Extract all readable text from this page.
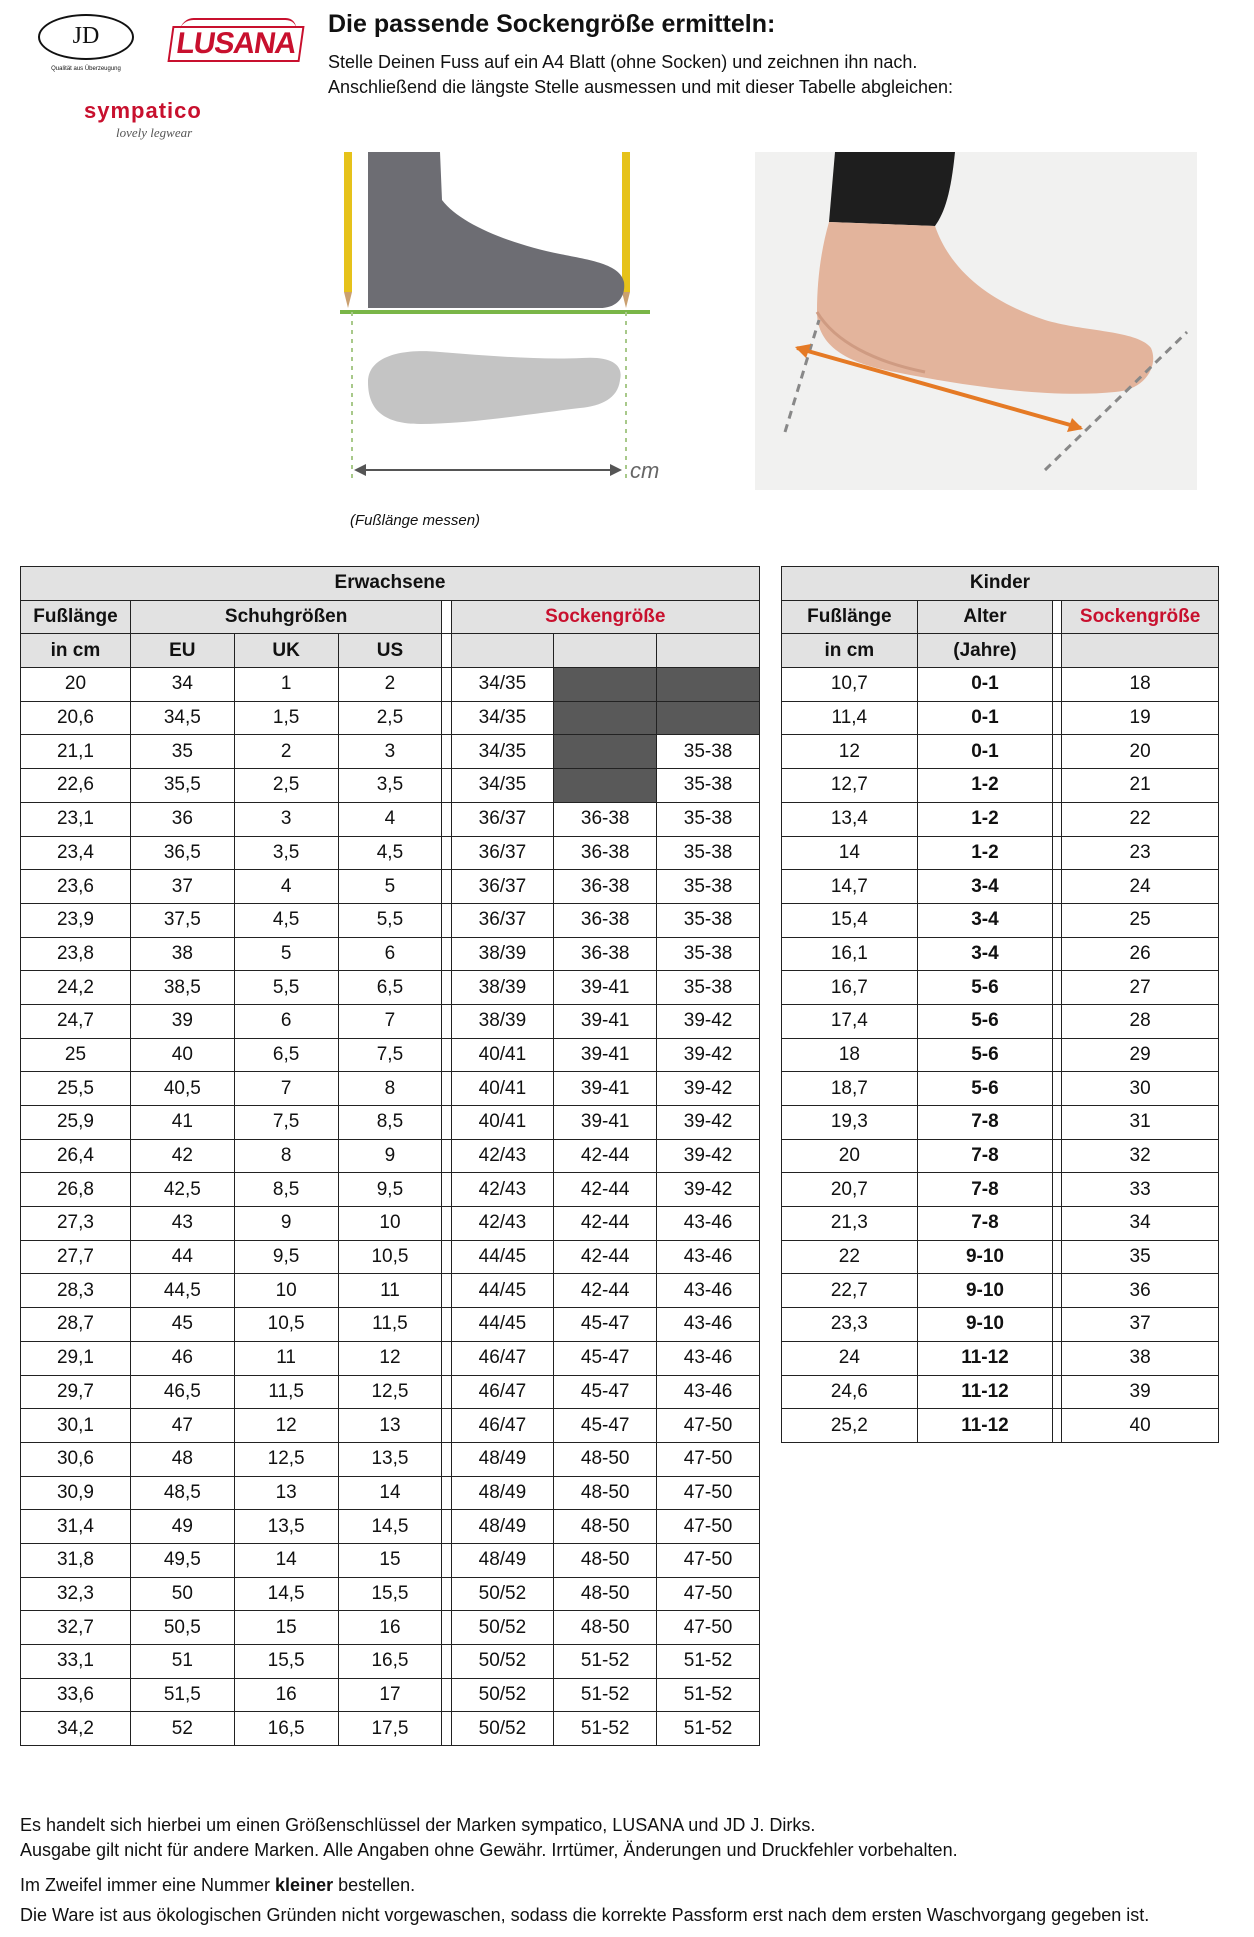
JD
Qualität aus Überzeugung
LUSANA
sympatico
lovely legwear
Die passende Sockengröße ermitteln:
Stelle Deinen Fuss auf ein A4 Blatt (ohne Socken) und zeichnen ihn nach.
Anschließend die längste Stelle ausmessen und mit dieser Tabelle abgleichen:
cm
(Fußlänge messen)
Erwachsene							
Fußlänge	Schuhgrößen				Sockengröße		
in cm	EU	UK	US				
20	34	1	2		34/35		
20,6	34,5	1,5	2,5		34/35		
21,1	35	2	3		34/35		35-38
22,6	35,5	2,5	3,5		34/35		35-38
23,1	36	3	4		36/37	36-38	35-38
23,4	36,5	3,5	4,5		36/37	36-38	35-38
23,6	37	4	5		36/37	36-38	35-38
23,9	37,5	4,5	5,5		36/37	36-38	35-38
23,8	38	5	6		38/39	36-38	35-38
24,2	38,5	5,5	6,5		38/39	39-41	35-38
24,7	39	6	7		38/39	39-41	39-42
25	40	6,5	7,5		40/41	39-41	39-42
25,5	40,5	7	8		40/41	39-41	39-42
25,9	41	7,5	8,5		40/41	39-41	39-42
26,4	42	8	9		42/43	42-44	39-42
26,8	42,5	8,5	9,5		42/43	42-44	39-42
27,3	43	9	10		42/43	42-44	43-46
27,7	44	9,5	10,5		44/45	42-44	43-46
28,3	44,5	10	11		44/45	42-44	43-46
28,7	45	10,5	11,5		44/45	45-47	43-46
29,1	46	11	12		46/47	45-47	43-46
29,7	46,5	11,5	12,5		46/47	45-47	43-46
30,1	47	12	13		46/47	45-47	47-50
30,6	48	12,5	13,5		48/49	48-50	47-50
30,9	48,5	13	14		48/49	48-50	47-50
31,4	49	13,5	14,5		48/49	48-50	47-50
31,8	49,5	14	15		48/49	48-50	47-50
32,3	50	14,5	15,5		50/52	48-50	47-50
32,7	50,5	15	16		50/52	48-50	47-50
33,1	51	15,5	16,5		50/52	51-52	51-52
33,6	51,5	16	17		50/52	51-52	51-52
34,2	52	16,5	17,5		50/52	51-52	51-52
Kinder			
Fußlänge	Alter		Sockengröße
in cm	(Jahre)		
10,7	0-1		18
11,4	0-1		19
12	0-1		20
12,7	1-2		21
13,4	1-2		22
14	1-2		23
14,7	3-4		24
15,4	3-4		25
16,1	3-4		26
16,7	5-6		27
17,4	5-6		28
18	5-6		29
18,7	5-6		30
19,3	7-8		31
20	7-8		32
20,7	7-8		33
21,3	7-8		34
22	9-10		35
22,7	9-10		36
23,3	9-10		37
24	11-12		38
24,6	11-12		39
25,2	11-12		40
Es handelt sich hierbei um einen Größenschlüssel der Marken sympatico, LUSANA und JD J. Dirks.
Ausgabe gilt nicht für andere Marken. Alle Angaben ohne Gewähr. Irrtümer, Änderungen und Druckfehler vorbehalten.
Im Zweifel immer eine Nummer kleiner bestellen.
Die Ware ist aus ökologischen Gründen nicht vorgewaschen, sodass die korrekte Passform erst nach dem ersten Waschvorgang gegeben ist.
